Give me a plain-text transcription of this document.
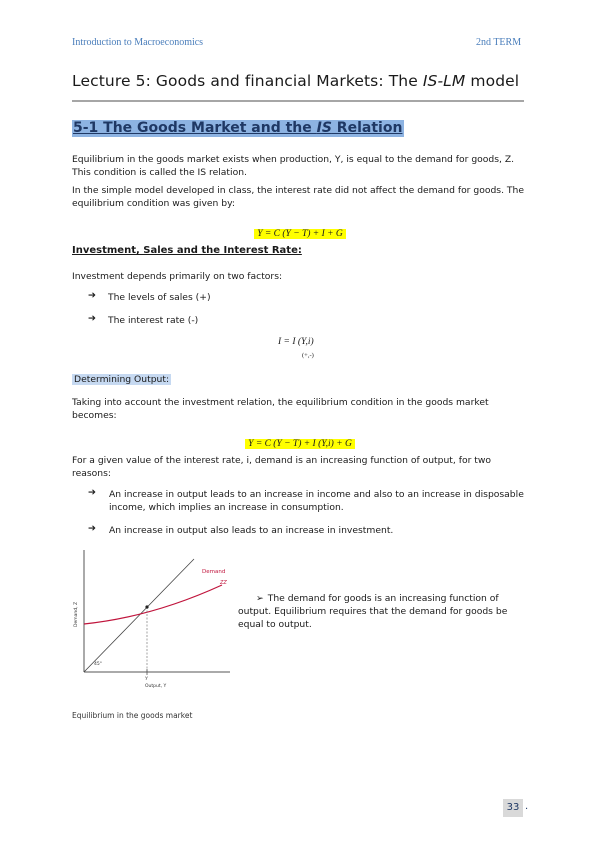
Introduction to Macroeconomics	2nd TERM
Lecture 5: Goods and financial Markets: The IS-LM model
5-1 The Goods Market and the IS Relation
Equilibrium in the goods market exists when production, Y, is equal to the demand for goods, Z. This condition is called the IS relation.
In the simple model developed in class, the interest rate did not affect the demand for goods. The equilibrium condition was given by:
Y = C (Y − T) + I + G
Investment, Sales and the Interest Rate:
Investment depends primarily on two factors:
➔ The levels of sales (+)
➔ The interest rate (-)
I = I (Y,i)
(+,-)
Determining Output:
Taking into account the investment relation, the equilibrium condition in the goods market becomes:
Y = C (Y − T) + I (Y,i) + G
For a given value of the interest rate, i, demand is an increasing function of output, for two reasons:
➔ An increase in output leads to an increase in income and also to an increase in disposable income, which implies an increase in consumption.
➔ An increase in output also leads to an increase in investment.
Demand
ZZ
Demand, Z
Output, Y
Y
45°
➢ The demand for goods is an increasing function of output. Equilibrium requires that the demand for goods be equal to output.
Equilibrium in the goods market
33 .
